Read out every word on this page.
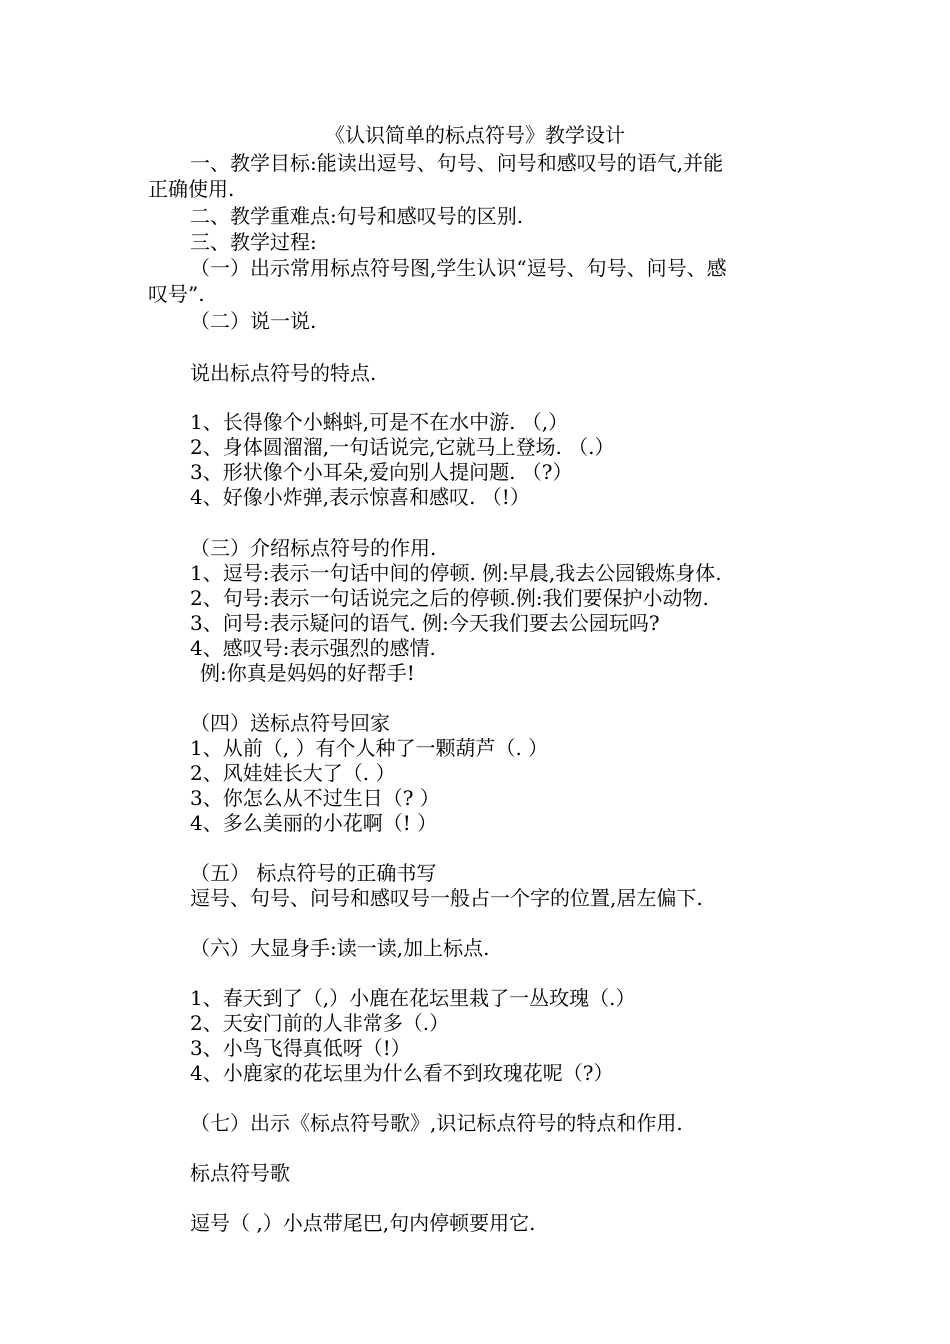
《认识简单的标点符号》教学设计
一、教学目标:能读出逗号、句号、问号和感叹号的语气,并能
正确使用.
二、教学重难点:句号和感叹号的区别.
三、教学过程:
（一）出示常用标点符号图,学生认识“逗号、句号、问号、感
叹号”.
（二）说一说.
说出标点符号的特点.
1、长得像个小蝌蚪,可是不在水中游. （,）
2、身体圆溜溜,一句话说完,它就马上登场. （.）
3、形状像个小耳朵,爱向别人提问题. （?）
4、好像小炸弹,表示惊喜和感叹. （!）
（三）介绍标点符号的作用.
1、逗号:表示一句话中间的停顿. 例:早晨,我去公园锻炼身体.
2、句号:表示一句话说完之后的停顿.例:我们要保护小动物.
3、问号:表示疑问的语气. 例:今天我们要去公园玩吗?
4、感叹号:表示强烈的感情.
例:你真是妈妈的好帮手!
（四）送标点符号回家
1、从前（, ）有个人种了一颗葫芦（. ）
2、风娃娃长大了（. ）
3、你怎么从不过生日（? ）
4、多么美丽的小花啊（! ）
（五） 标点符号的正确书写
逗号、句号、问号和感叹号一般占一个字的位置,居左偏下.
（六）大显身手:读一读,加上标点.
1、春天到了（,）小鹿在花坛里栽了一丛玫瑰（.）
2、天安门前的人非常多（.）
3、小鸟飞得真低呀（!）
4、小鹿家的花坛里为什么看不到玫瑰花呢（?）
（七）出示《标点符号歌》,识记标点符号的特点和作用.
标点符号歌
逗号（ ,）小点带尾巴,句内停顿要用它.
